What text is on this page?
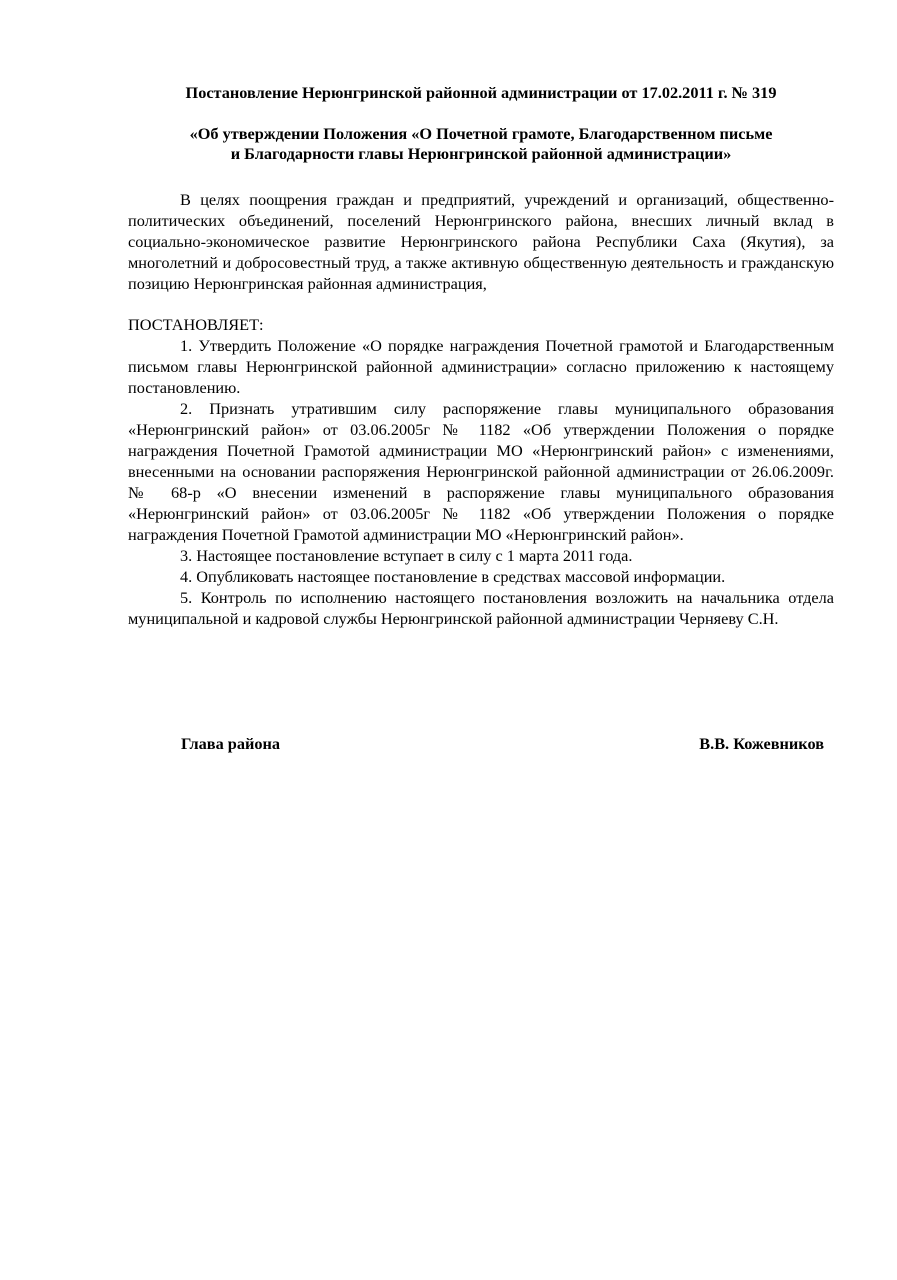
Постановление Нерюнгринской районной администрации от 17.02.2011 г. № 319
«Об утверждении Положения «О Почетной грамоте, Благодарственном письме
и Благодарности главы Нерюнгринской районной администрации»
В целях поощрения граждан и предприятий, учреждений и организаций, общественно-политических объединений, поселений Нерюнгринского района, внесших личный вклад в социально-экономическое развитие Нерюнгринского района Республики Саха (Якутия), за многолетний и добросовестный труд, а также активную общественную деятельность и гражданскую позицию Нерюнгринская районная администрация,
ПОСТАНОВЛЯЕТ:

1. Утвердить Положение «О порядке награждения Почетной грамотой и Благодарственным письмом главы Нерюнгринской районной администрации» согласно приложению к настоящему постановлению.

2. Признать утратившим силу распоряжение главы муниципального образования «Нерюнгринский район» от 03.06.2005г № 1182 «Об утверждении Положения о порядке награждения Почетной Грамотой администрации МО «Нерюнгринский район» с изменениями, внесенными на основании распоряжения Нерюнгринской районной администрации от 26.06.2009г. № 68-р «О внесении изменений в распоряжение главы муниципального образования «Нерюнгринский район» от 03.06.2005г № 1182 «Об утверждении Положения о порядке награждения Почетной Грамотой администрации МО «Нерюнгринский район».

3. Настоящее постановление вступает в силу с 1 марта 2011 года.

4. Опубликовать настоящее постановление в средствах массовой информации.

5. Контроль по исполнению настоящего постановления возложить на начальника отдела муниципальной и кадровой службы Нерюнгринской районной администрации Черняеву С.Н.

Глава района	В.В. Кожевников
